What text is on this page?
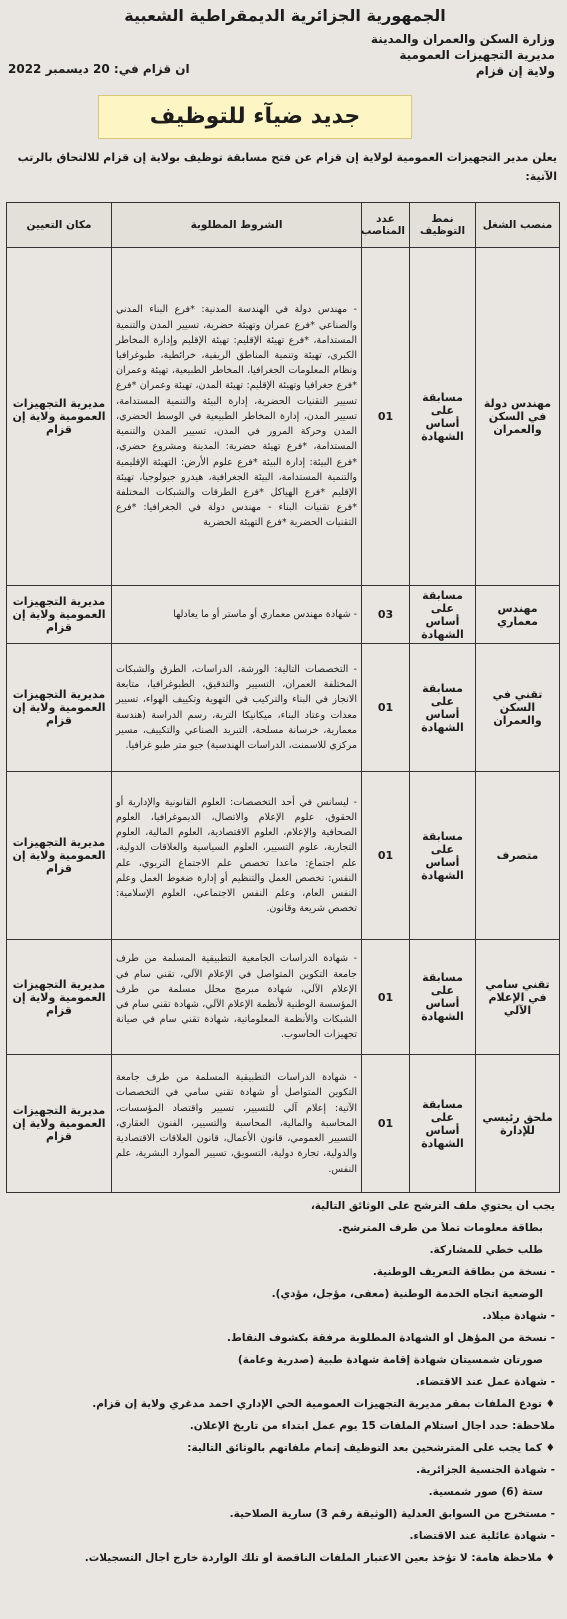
الجمهورية الجزائرية الديمقراطية الشعبية
وزارة السكن والعمران والمدينة
مديرية التجهيزات العمومية
ولاية إن قزام
ان قزام في: 20 ديسمبر 2022
جديد ضيآء للتوظيف
يعلن مدير التجهيزات العمومية لولاية إن قزام عن فتح مسابقة توظيف بولاية إن قزام للالتحاق بالرتب الآتية:
منصب الشغل	نمط التوظيف	عدد المناصب	الشروط المطلوبة	مكان التعيين
مهندس دولة في السكن والعمران	مسابقة على أساس الشهادة	01	- مهندس دولة في الهندسة المدنية: *فرع البناء المدني والصناعي *فرع عمران وتهيئة حضرية، تسيير المدن والتنمية المستدامة، *فرع تهيئة الإقليم: تهيئة الإقليم وإدارة المخاطر الكبرى، تهيئة وتنمية المناطق الريفية، خرائطية، طبوغرافيا ونظام المعلومات الجغرافيا، المخاطر الطبيعية، تهيئة وعمران *فرع جغرافيا وتهيئة الإقليم: تهيئة المدن، تهيئة وعمران *فرع تسيير التقنيات الحضرية، إدارة البيئة والتنمية المستدامة، تسيير المدن، إدارة المخاطر الطبيعية في الوسط الحضري، المدن وحركة المرور في المدن، تسيير المدن والتنمية المستدامة، *فرع تهيئة حضرية: المدينة ومشروع حضري، *فرع البيئة: إدارة البيئة *فرع علوم الأرض: التهيئة الإقليمية والتنمية المستدامة، البيئة الجغرافية، هيدرو جيولوجيا، تهيئة الإقليم *فرع الهياكل *فرع الطرقات والشبكات المختلفة *فرع تقنيات البناء - مهندس دولة في الجغرافيا: *فرع التقنيات الحضرية *فرع التهيئة الحضرية	مديرية التجهيزات العمومية ولاية إن قزام
مهندس معماري	مسابقة على أساس الشهادة	03	- شهادة مهندس معماري أو ماستر أو ما يعادلها	مديرية التجهيزات العمومية ولاية إن قزام
تقني في السكن والعمران	مسابقة على أساس الشهادة	01	- التخصصات التالية: الورشة، الدراسات، الطرق والشبكات المختلفة العمران، التسيير والتدقيق، الطبوغرافيا، متابعة الانجاز في البناء والتركيب في التهوية وتكييف الهواء، تسيير معدات وعتاد البناء، ميكانيكا التربة، رسم الدراسة (هندسة معمارية، خرسانة مسلحة، التبريد الصناعي والتكييف، مسير مركزي للاسمنت، الدراسات الهندسية) جيو متر طبو غرافيا.	مديرية التجهيزات العمومية ولاية إن قزام
متصرف	مسابقة على أساس الشهادة	01	- ليسانس في أحد التخصصات: العلوم القانونية والإدارية أو الحقوق، علوم الإعلام والاتصال، الديموغرافيا، العلوم الصحافية والإعلام، العلوم الاقتصادية، العلوم المالية، العلوم التجارية، علوم التسيير، العلوم السياسية والعلاقات الدولية، علم اجتماع: ماعدا تخصص علم الاجتماع التربوي، علم النفس: تخصص العمل والتنظيم أو إدارة ضغوط العمل وعلم النفس العام، وعلم النفس الاجتماعي، العلوم الإسلامية: تخصص شريعة وقانون.	مديرية التجهيزات العمومية ولاية إن قزام
تقني سامي في الإعلام الآلي	مسابقة على أساس الشهادة	01	- شهادة الدراسات الجامعية التطبيقية المسلمة من طرف جامعة التكوين المتواصل في الإعلام الآلي، تقني سام في الإعلام الآلي، شهادة مبرمج محلل مسلمة من طرف المؤسسة الوطنية لأنظمة الإعلام الآلي، شهادة تقني سام في الشبكات والأنظمة المعلوماتية، شهادة تقني سام في صيانة تجهيزات الحاسوب.	مديرية التجهيزات العمومية ولاية إن قزام
ملحق رئيسي للإدارة	مسابقة على أساس الشهادة	01	- شهادة الدراسات التطبيقية المسلمة من طرف جامعة التكوين المتواصل أو شهادة تقني سامي في التخصصات الآتية: إعلام آلي للتسيير، تسيير واقتصاد المؤسسات، المحاسبة والمالية، المحاسبة والتسيير، الفنون العقاري، التسيير العمومي، قانون الأعمال، قانون العلاقات الاقتصادية والدولية، تجارة دولية، التسويق، تسيير الموارد البشرية، علم النفس.	مديرية التجهيزات العمومية ولاية إن قزام
يجب أن يحتوي ملف الترشح على الوثائق التالية،
بطاقة معلومات تملأ من طرف المترشح.
طلب خطي للمشاركة.
- نسخة من بطاقة التعريف الوطنية.
الوضعية اتجاه الخدمة الوطنية (معفى، مؤجل، مؤدي).
- شهادة ميلاد.
- نسخة من المؤهل أو الشهادة المطلوبة مرفقة بكشوف النقاط.
صورتان شمسيتان شهادة إقامة شهادة طبية (صدرية وعامة)
- شهادة عمل عند الاقتضاء.
♦ تودع الملفات بمقر مديرية التجهيزات العمومية الحي الإداري احمد مدغري ولاية إن قزام.
ملاحظة: حدد أجال استلام الملفات 15 يوم عمل ابتداء من تاريخ الإعلان.
♦ كما يجب على المترشحين بعد التوظيف إتمام ملفاتهم بالوثائق التالية:
- شهادة الجنسية الجزائرية.
ستة (6) صور شمسية.
- مستخرج من السوابق العدلية (الوثيقة رقم 3) سارية الصلاحية.
- شهادة عائلية عند الاقتضاء.
♦ ملاحظة هامة: لا تؤخذ بعين الاعتبار الملفات الناقصة أو تلك الواردة خارج أجال التسجيلات.
